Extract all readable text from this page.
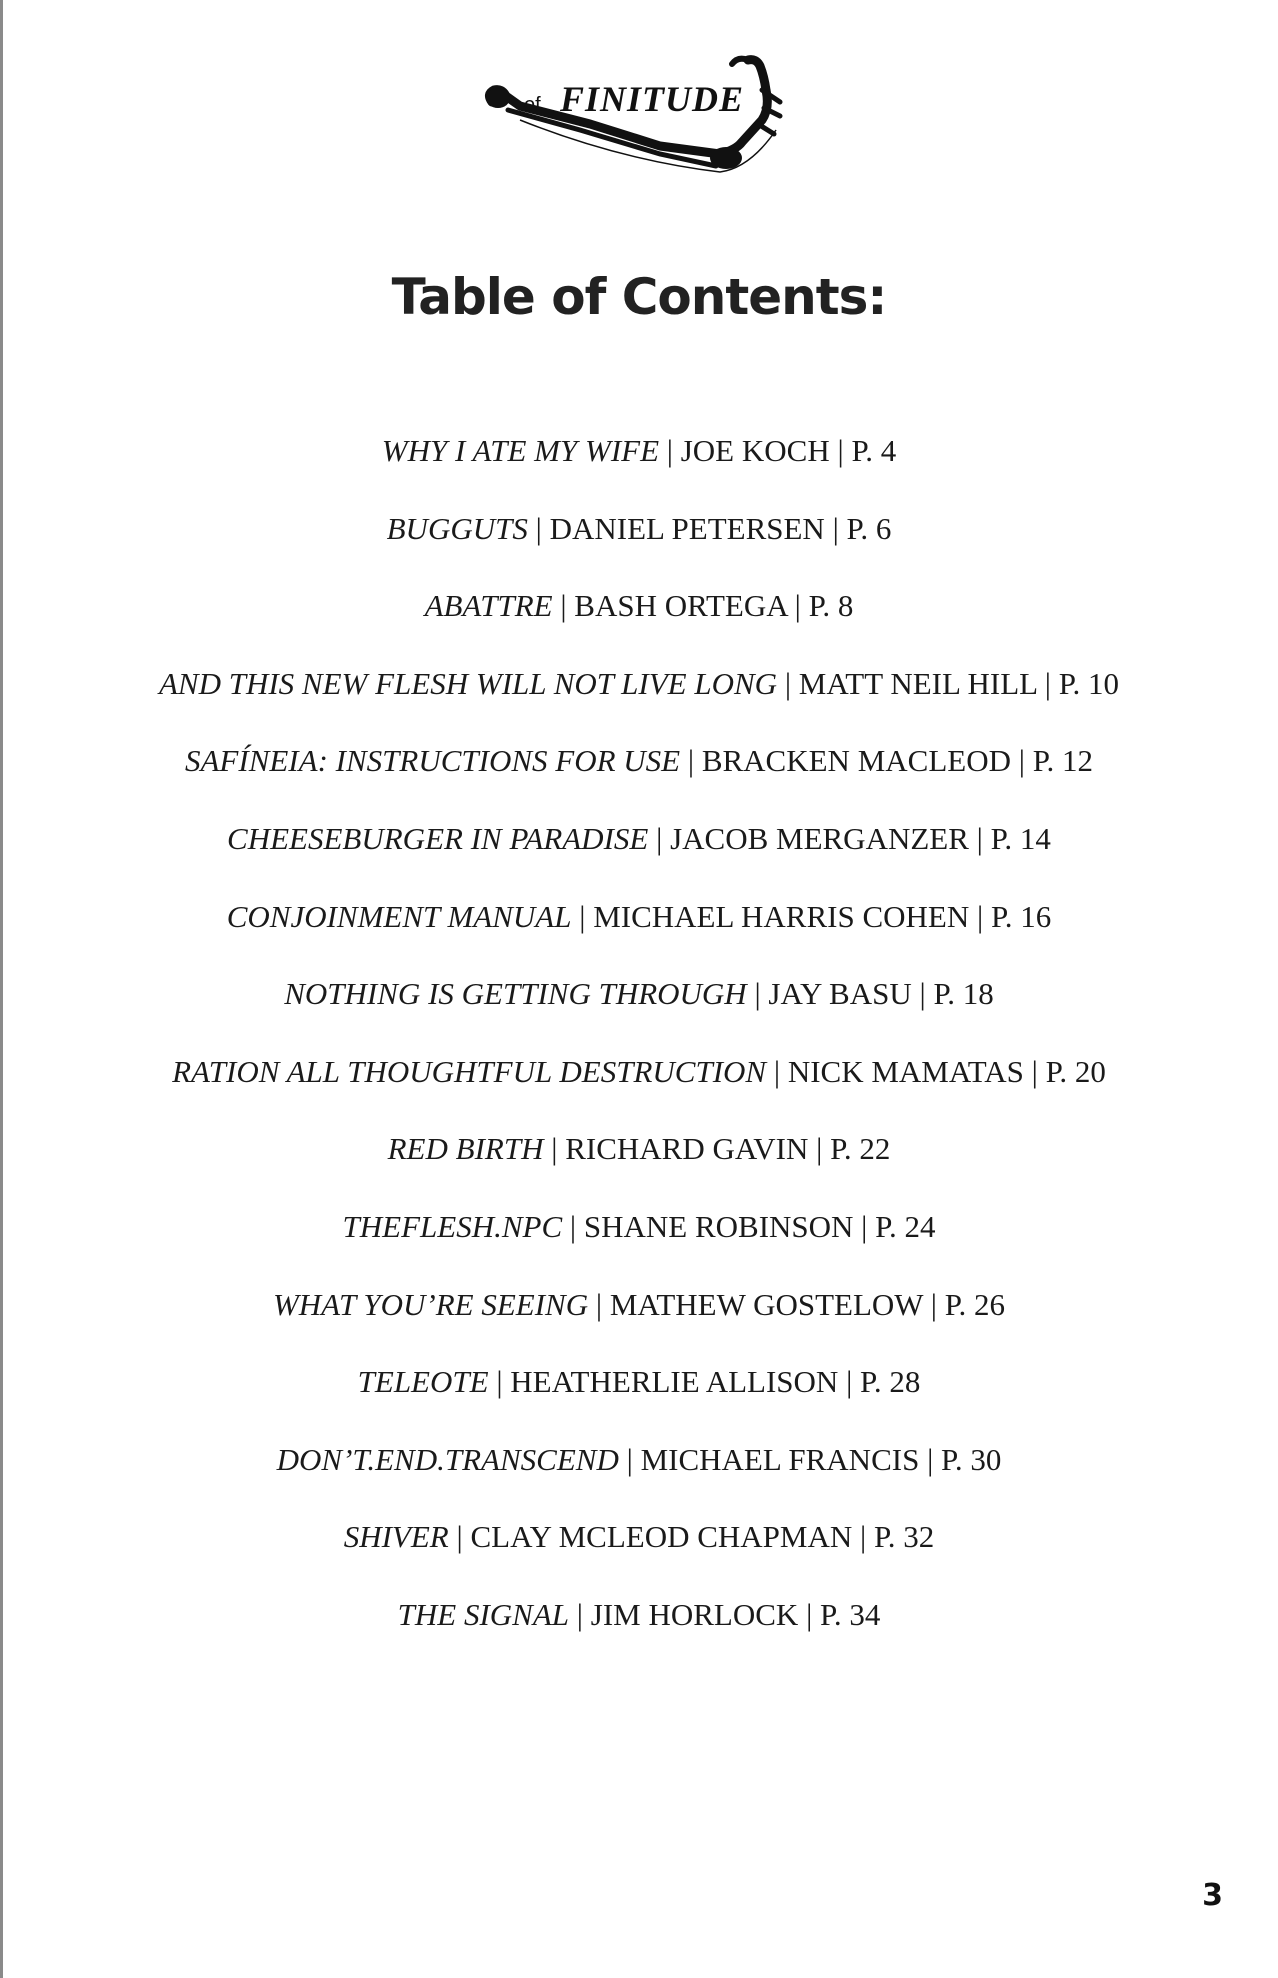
of FINITUDE
Table of Contents:
WHY I ATE MY WIFE | JOE KOCH | P. 4
BUGGUTS | DANIEL PETERSEN | P. 6
ABATTRE | BASH ORTEGA | P. 8
AND THIS NEW FLESH WILL NOT LIVE LONG | MATT NEIL HILL | P. 10
SAFÍNEIA: INSTRUCTIONS FOR USE | BRACKEN MACLEOD | P. 12
CHEESEBURGER IN PARADISE | JACOB MERGANZER | P. 14
CONJOINMENT MANUAL | MICHAEL HARRIS COHEN | P. 16
NOTHING IS GETTING THROUGH | JAY BASU | P. 18
RATION ALL THOUGHTFUL DESTRUCTION | NICK MAMATAS | P. 20
RED BIRTH | RICHARD GAVIN | P. 22
THEFLESH.NPC | SHANE ROBINSON | P. 24
WHAT YOU’RE SEEING | MATHEW GOSTELOW | P. 26
TELEOTE | HEATHERLIE ALLISON | P. 28
DON’T.END.TRANSCEND | MICHAEL FRANCIS | P. 30
SHIVER | CLAY MCLEOD CHAPMAN | P. 32
THE SIGNAL | JIM HORLOCK | P. 34
3
